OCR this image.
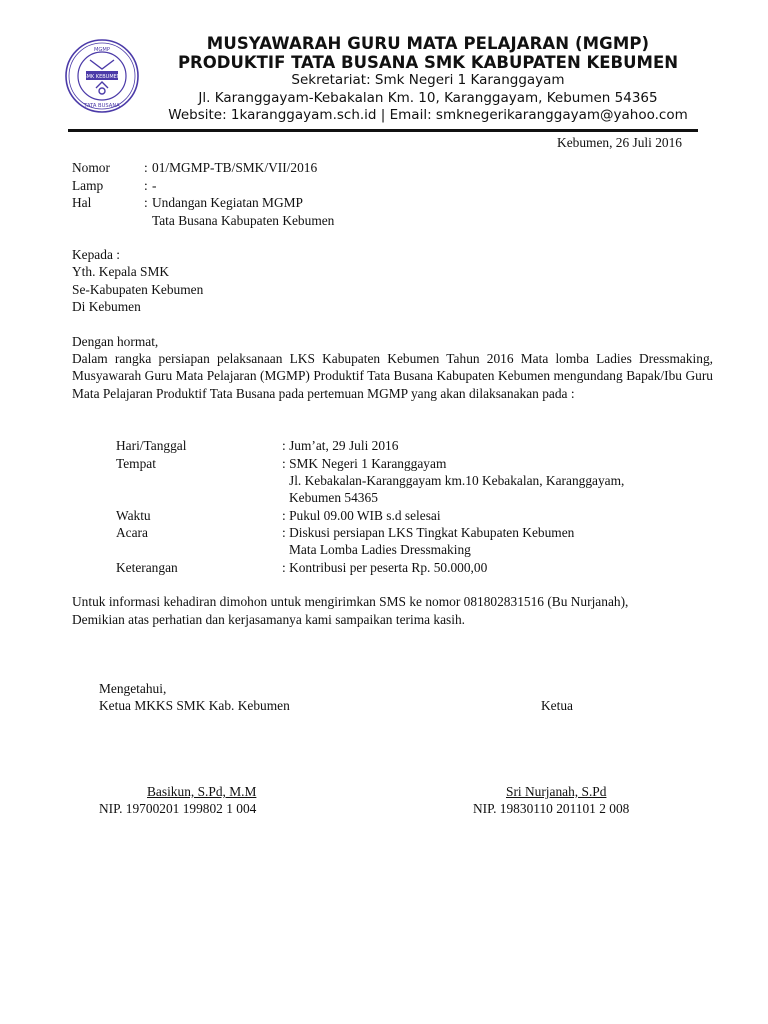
MGMP
TATA BUSANA
SMK KEBUMEN
MUSYAWARAH GURU MATA PELAJARAN (MGMP)
PRODUKTIF TATA BUSANA SMK KABUPATEN KEBUMEN
Sekretariat: Smk Negeri 1 Karanggayam
Jl. Karanggayam-Kebakalan Km. 10, Karanggayam, Kebumen 54365
Website: 1karanggayam.sch.id | Email: smknegerikaranggayam@yahoo.com
Kebumen, 26 Juli 2016
Nomor	: 01/MGMP-TB/SMK/VII/2016
Lamp	: -
Hal	: Undangan Kegiatan MGMP
Tata Busana Kabupaten Kebumen
Kepada :
Yth. Kepala SMK
Se-Kabupaten Kebumen
Di Kebumen
Dengan hormat,
Dalam rangka persiapan pelaksanaan LKS Kabupaten Kebumen Tahun 2016 Mata lomba Ladies Dressmaking, Musyawarah Guru Mata Pelajaran (MGMP) Produktif Tata Busana Kabupaten Kebumen mengundang Bapak/Ibu Guru Mata Pelajaran Produktif Tata Busana pada pertemuan MGMP yang akan dilaksanakan pada :
Hari/Tanggal	: Jum’at, 29 Juli 2016
Tempat	: SMK Negeri 1 Karanggayam
Jl. Kebakalan-Karanggayam km.10 Kebakalan, Karanggayam,
Kebumen 54365
Waktu	: Pukul 09.00 WIB s.d selesai
Acara	: Diskusi persiapan LKS Tingkat Kabupaten Kebumen
Mata Lomba Ladies Dressmaking
Keterangan	: Kontribusi per peserta Rp. 50.000,00
Untuk informasi kehadiran dimohon untuk mengirimkan SMS ke nomor 081802831516 (Bu Nurjanah),
Demikian atas perhatian dan kerjasamanya kami sampaikan terima kasih.
Mengetahui,
Ketua MKKS SMK Kab. Kebumen	Ketua
Basikun, S.Pd, M.M
NIP. 19700201 199802 1 004
Sri Nurjanah, S.Pd
NIP. 19830110 201101 2 008
